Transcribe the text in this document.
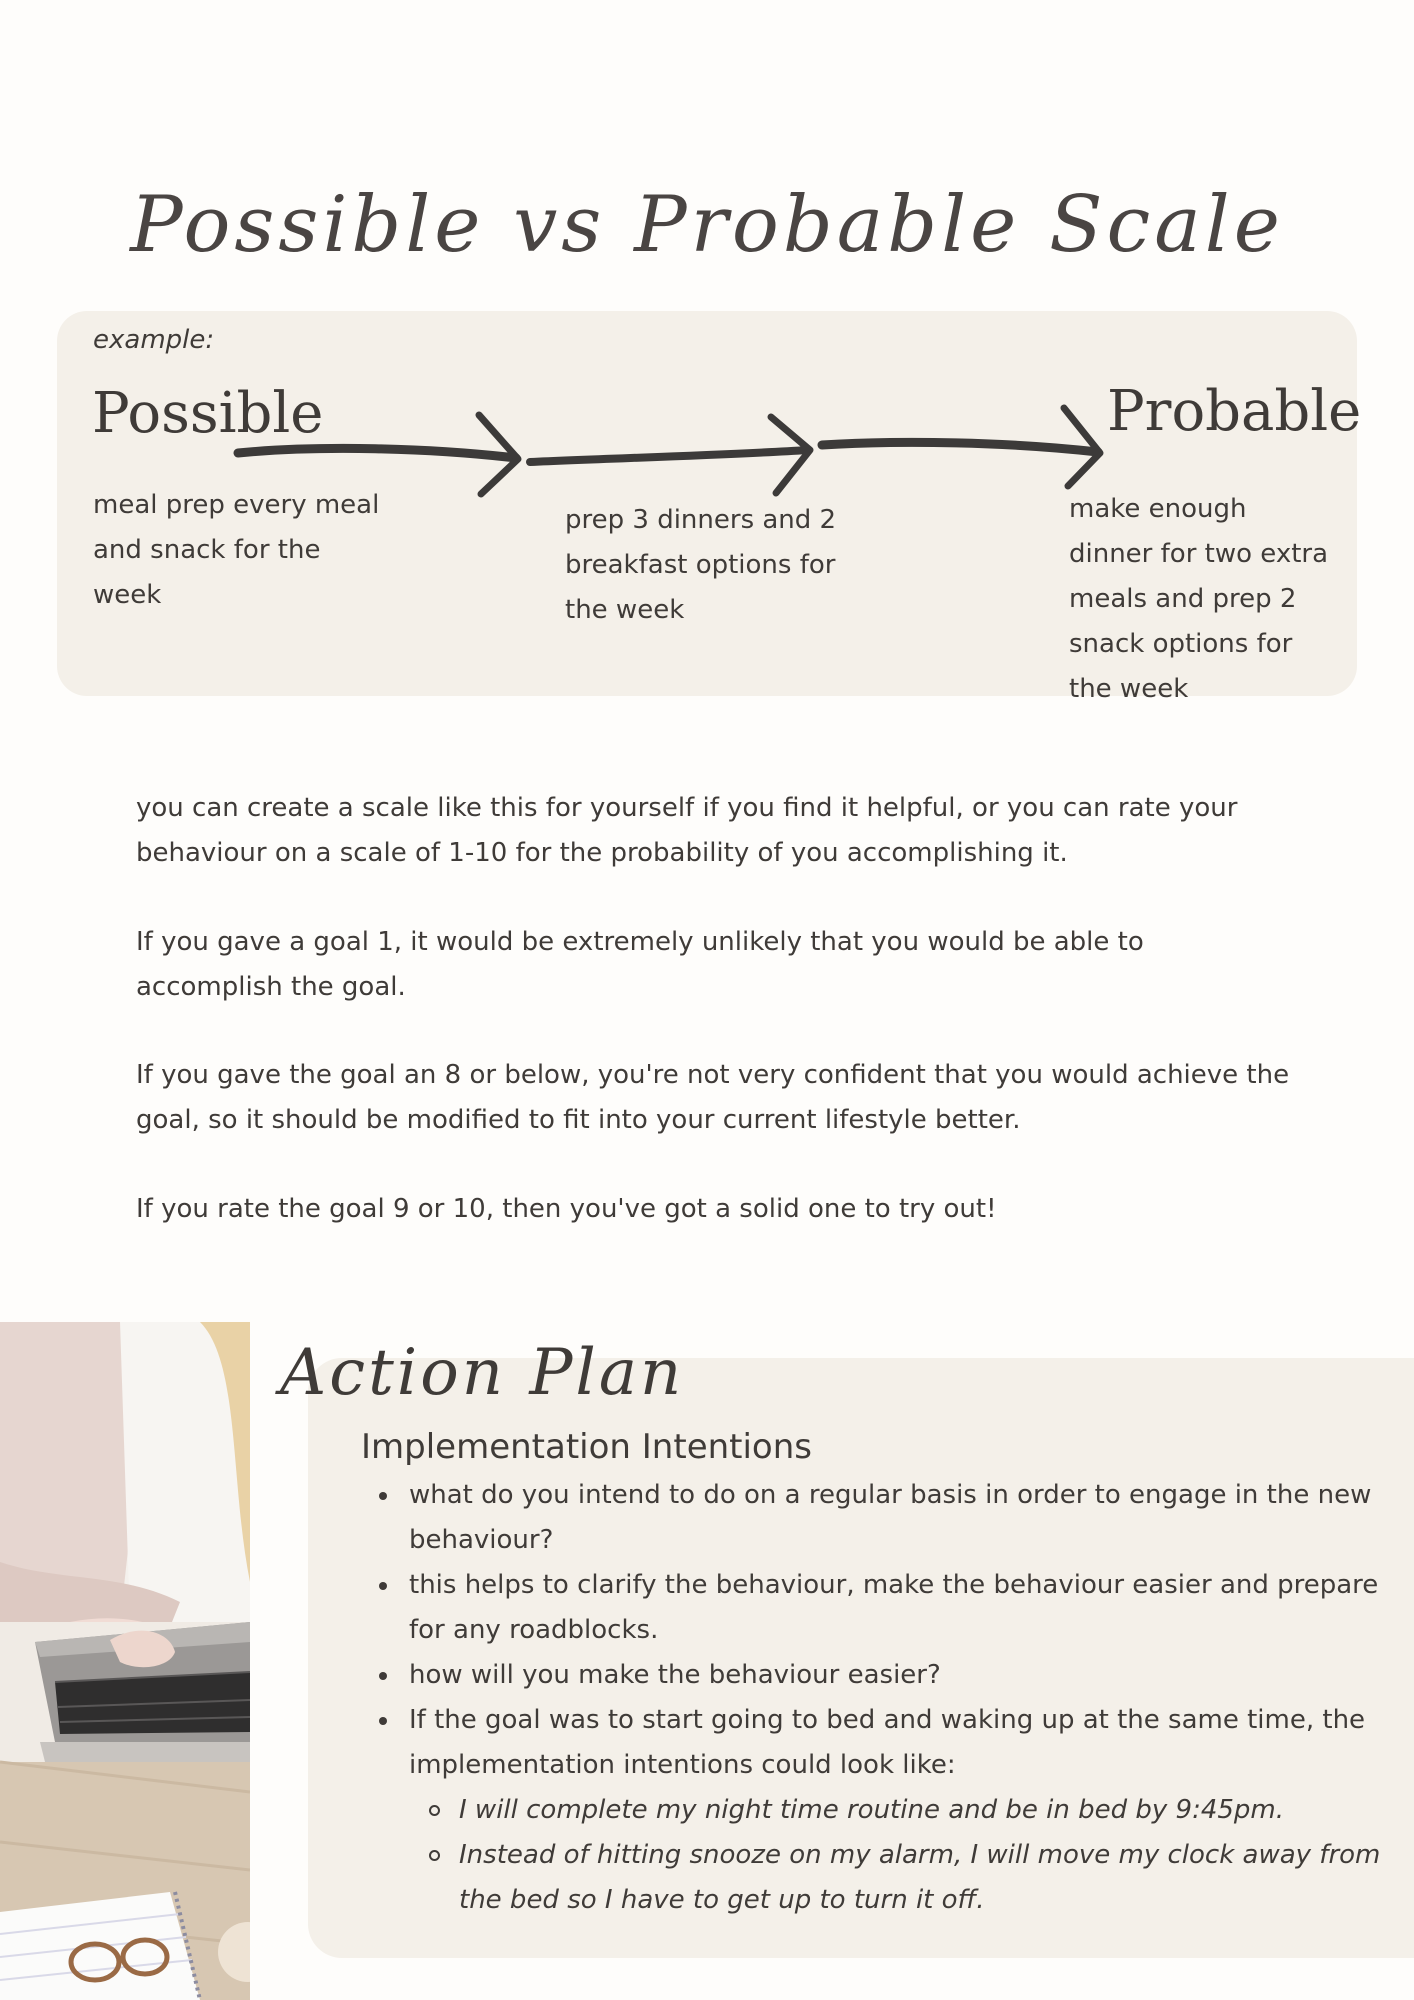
Possible vs Probable Scale
example:
Possible	Probable
meal prep every meal and snack for the week
prep 3 dinners and 2 breakfast options for the week
make enough dinner for two extra meals and prep 2 snack options for the week

you can create a scale like this for yourself if you find it helpful, or you can rate your behaviour on a scale of 1-10 for the probability of you accomplishing it.

If you gave a goal 1, it would be extremely unlikely that you would be able to accomplish the goal.

If you gave the goal an 8 or below, you're not very confident that you would achieve the goal, so it should be modified to fit into your current lifestyle better.

If you rate the goal 9 or 10, then you've got a solid one to try out!

Action Plan
Implementation Intentions
what do you intend to do on a regular basis in order to engage in the new behaviour?
this helps to clarify the behaviour, make the behaviour easier and prepare for any roadblocks.
how will you make the behaviour easier?
If the goal was to start going to bed and waking up at the same time, the implementation intentions could look like:
I will complete my night time routine and be in bed by 9:45pm.
Instead of hitting snooze on my alarm, I will move my clock away from the bed so I have to get up to turn it off.
